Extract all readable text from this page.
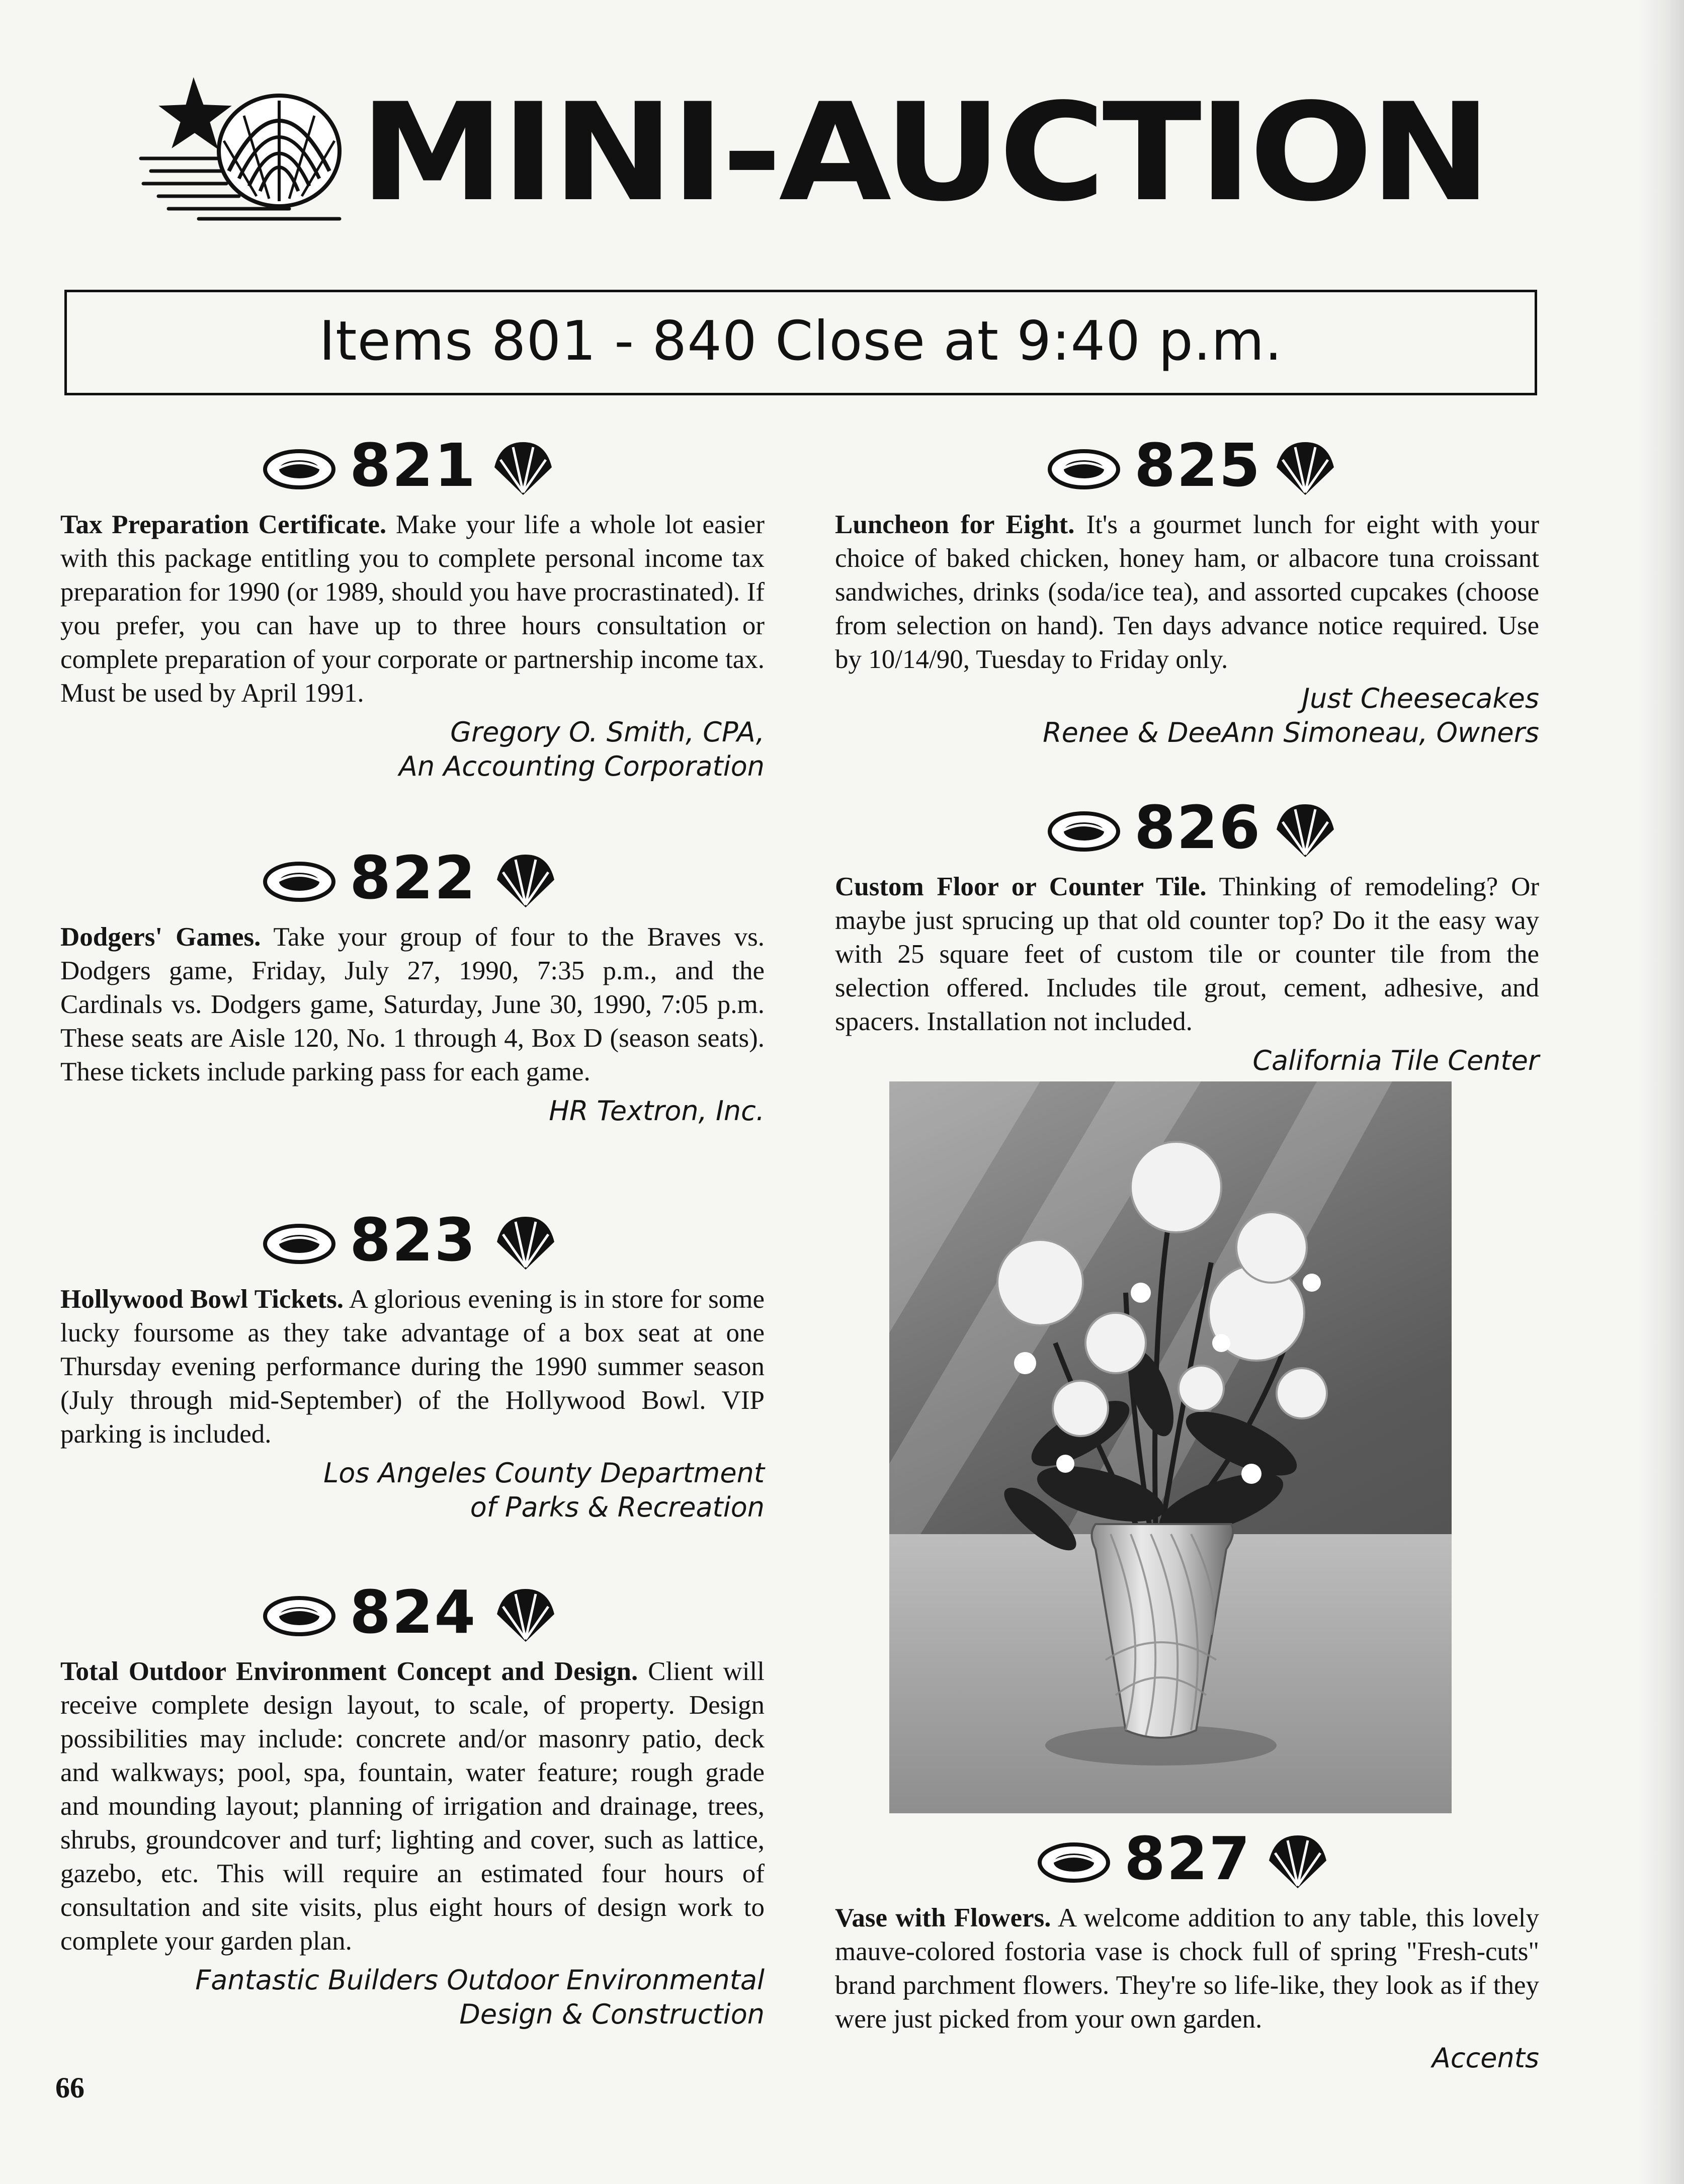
MINI-AUCTION
Items 801 - 840 Close at 9:40 p.m.
821

Tax Preparation Certificate. Make your life a whole lot easier with this package entitling you to complete personal income tax preparation for 1990 (or 1989, should you have procrastinated). If you prefer, you can have up to three hours consultation or complete preparation of your corporate or partnership income tax. Must be used by April 1991.

Gregory O. Smith, CPA,
An Accounting Corporation
822

Dodgers' Games. Take your group of four to the Braves vs. Dodgers game, Friday, July 27, 1990, 7:35 p.m., and the Cardinals vs. Dodgers game, Saturday, June 30, 1990, 7:05 p.m. These seats are Aisle 120, No. 1 through 4, Box D (season seats). These tickets include parking pass for each game.

HR Textron, Inc.
823

Hollywood Bowl Tickets. A glorious evening is in store for some lucky foursome as they take advantage of a box seat at one Thursday evening performance during the 1990 summer season (July through mid-September) of the Hollywood Bowl. VIP parking is included.

Los Angeles County Department
of Parks & Recreation
824

Total Outdoor Environment Concept and Design. Client will receive complete design layout, to scale, of property. Design possibilities may include: concrete and/or masonry patio, deck and walkways; pool, spa, fountain, water feature; rough grade and mounding layout; planning of irrigation and drainage, trees, shrubs, groundcover and turf; lighting and cover, such as lattice, gazebo, etc. This will require an estimated four hours of consultation and site visits, plus eight hours of design work to complete your garden plan.

Fantastic Builders Outdoor Environmental
Design & Construction
825

Luncheon for Eight. It's a gourmet lunch for eight with your choice of baked chicken, honey ham, or albacore tuna croissant sandwiches, drinks (soda/ice tea), and assorted cupcakes (choose from selection on hand). Ten days advance notice required. Use by 10/14/90, Tuesday to Friday only.

Just Cheesecakes
Renee & DeeAnn Simoneau, Owners
826

Custom Floor or Counter Tile. Thinking of remodeling? Or maybe just sprucing up that old counter top? Do it the easy way with 25 square feet of custom tile or counter tile from the selection offered. Includes tile grout, cement, adhesive, and spacers. Installation not included.

California Tile Center
827

Vase with Flowers. A welcome addition to any table, this lovely mauve-colored fostoria vase is chock full of spring "Fresh-cuts" brand parchment flowers. They're so life-like, they look as if they were just picked from your own garden.

Accents
66
